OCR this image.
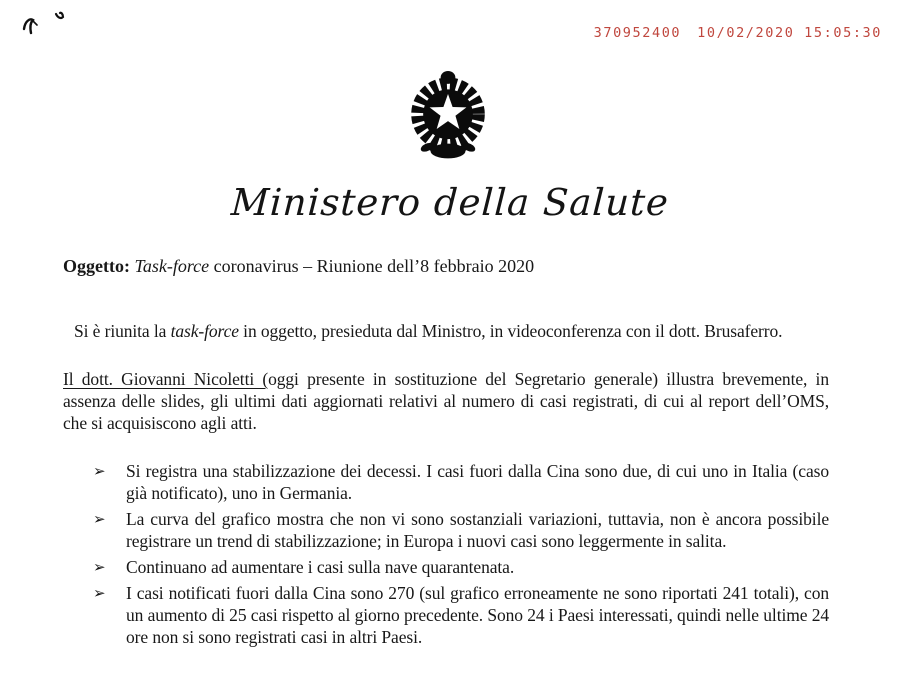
370952400 10/02/2020 15:05:30
Ministero della Salute

Oggetto: Task-force coronavirus – Riunione dell’8 febbraio 2020

Si è riunita la task-force in oggetto, presieduta dal Ministro, in videoconferenza con il dott. Brusaferro.

Il dott. Giovanni Nicoletti (oggi presente in sostituzione del Segretario generale) illustra brevemente, in assenza delle slides, gli ultimi dati aggiornati relativi al numero di casi registrati, di cui al report dell’OMS, che si acquisiscono agli atti.

➢	Si registra una stabilizzazione dei decessi. I casi fuori dalla Cina sono due, di cui uno in Italia (caso già notificato), uno in Germania.
➢	La curva del grafico mostra che non vi sono sostanziali variazioni, tuttavia, non è ancora possibile registrare un trend di stabilizzazione; in Europa i nuovi casi sono leggermente in salita.
➢	Continuano ad aumentare i casi sulla nave quarantenata.
➢	I casi notificati fuori dalla Cina sono 270 (sul grafico erroneamente ne sono riportati 241 totali), con un aumento di 25 casi rispetto al giorno precedente. Sono 24 i Paesi interessati, quindi nelle ultime 24 ore non si sono registrati casi in altri Paesi.
